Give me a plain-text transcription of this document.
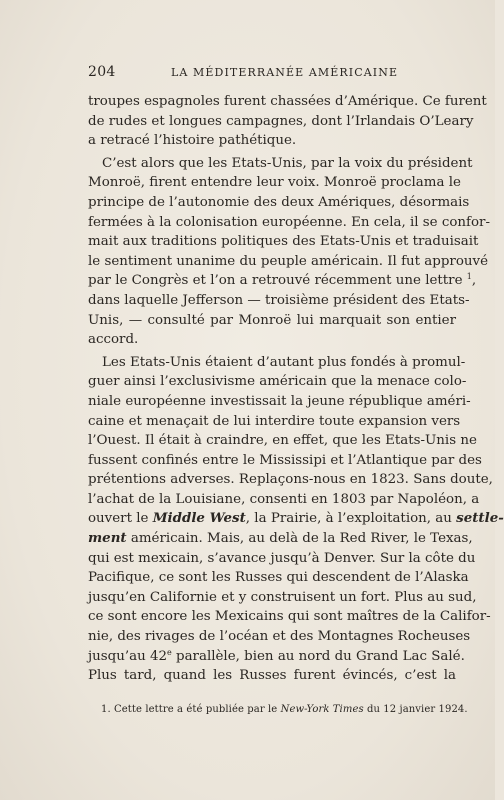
204	LA MÉDITERRANÉE AMÉRICAINE
troupes espagnoles furent chassées d’Amérique. Ce furent
de rudes et longues campagnes, dont l’Irlandais O’Leary
a retracé l’histoire pathétique.
C’est alors que les Etats-Unis, par la voix du président
Monroë, firent entendre leur voix. Monroë proclama le
principe de l’autonomie des deux Amériques, désormais
fermées à la colonisation européenne. En cela, il se confor-
mait aux traditions politiques des Etats-Unis et traduisait
le sentiment unanime du peuple américain. Il fut approuvé
par le Congrès et l’on a retrouvé récemment une lettre $^1$,
dans laquelle Jefferson — troisième président des Etats-
Unis, — consulté par Monroë lui marquait son entier
accord.
Les Etats-Unis étaient d’autant plus fondés à promul-
guer ainsi l’exclusivisme américain que la menace colo-
niale européenne investissait la jeune république améri-
caine et menaçait de lui interdire toute expansion vers
l’Ouest. Il était à craindre, en effet, que les Etats-Unis ne
fussent confinés entre le Mississipi et l’Atlantique par des
prétentions adverses. Replaçons-nous en 1823. Sans doute,
l’achat de la Louisiane, consenti en 1803 par Napoléon, a
ouvert le Middle West, la Prairie, à l’exploitation, au settle-
ment américain. Mais, au delà de la Red River, le Texas,
qui est mexicain, s’avance jusqu’à Denver. Sur la côte du
Pacifique, ce sont les Russes qui descendent de l’Alaska
jusqu’en Californie et y construisent un fort. Plus au sud,
ce sont encore les Mexicains qui sont maîtres de la Califor-
nie, des rivages de l’océan et des Montagnes Rocheuses
jusqu’au 42e parallèle, bien au nord du Grand Lac Salé.
Plus tard, quand les Russes furent évincés, c’est la
1. Cette lettre a été publiée par le New-York Times du 12 janvier 1924.
